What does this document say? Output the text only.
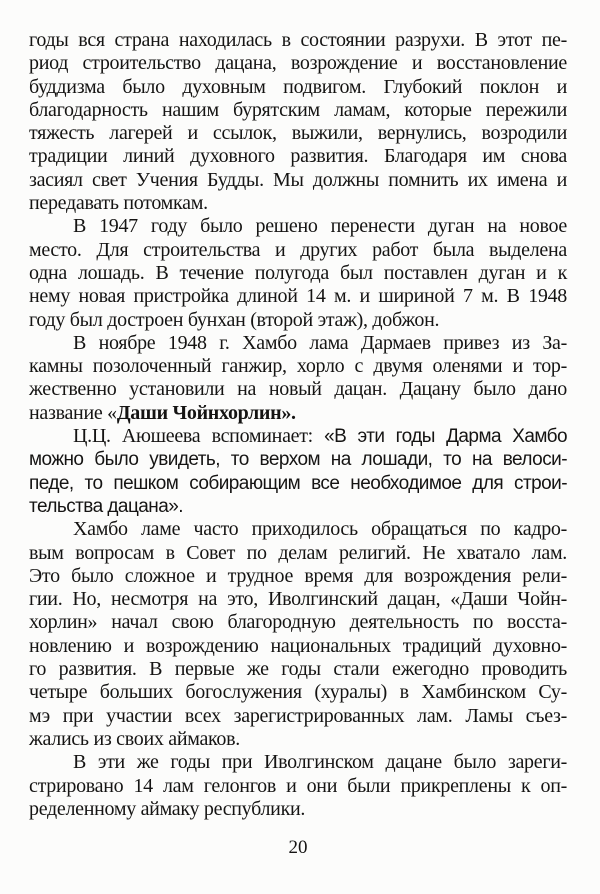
годы вся страна находилась в состоянии разрухи. В этот пе-
риод строительство дацана, возрождение и восстановление
буддизма было духовным подвигом. Глубокий поклон и
благодарность нашим бурятским ламам, которые пережили
тяжесть лагерей и ссылок, выжили, вернулись, возродили
традиции линий духовного развития. Благодаря им снова
засиял свет Учения Будды. Мы должны помнить их имена и
передавать потомкам.

В 1947 году было решено перенести дуган на новое
место. Для строительства и других работ была выделена
одна лошадь. В течение полугода был поставлен дуган и к
нему новая пристройка длиной 14 м. и шириной 7 м. В 1948
году был достроен бунхан (второй этаж), добжон.

В ноябре 1948 г. Хамбо лама Дармаев привез из За-
камны позолоченный ганжир, хорло с двумя оленями и тор-
жественно установили на новый дацан. Дацану было дано
название «Даши Чойнхорлин».

Ц.Ц. Аюшеева вспоминает: «В эти годы Дарма Хамбо
можно было увидеть, то верхом на лошади, то на велоси-
педе, то пешком собирающим все необходимое для строи-
тельства дацана».

Хамбо ламе часто приходилось обращаться по кадро-
вым вопросам в Совет по делам религий. Не хватало лам.
Это было сложное и трудное время для возрождения рели-
гии. Но, несмотря на это, Иволгинский дацан, «Даши Чойн-
хорлин» начал свою благородную деятельность по восста-
новлению и возрождению национальных традиций духовно-
го развития. В первые же годы стали ежегодно проводить
четыре больших богослужения (хуралы) в Хамбинском Су-
мэ при участии всех зарегистрированных лам. Ламы съез-
жались из своих аймаков.

В эти же годы при Иволгинском дацане было зареги-
стрировано 14 лам гелонгов и они были прикреплены к оп-
ределенному аймаку республики.

20
